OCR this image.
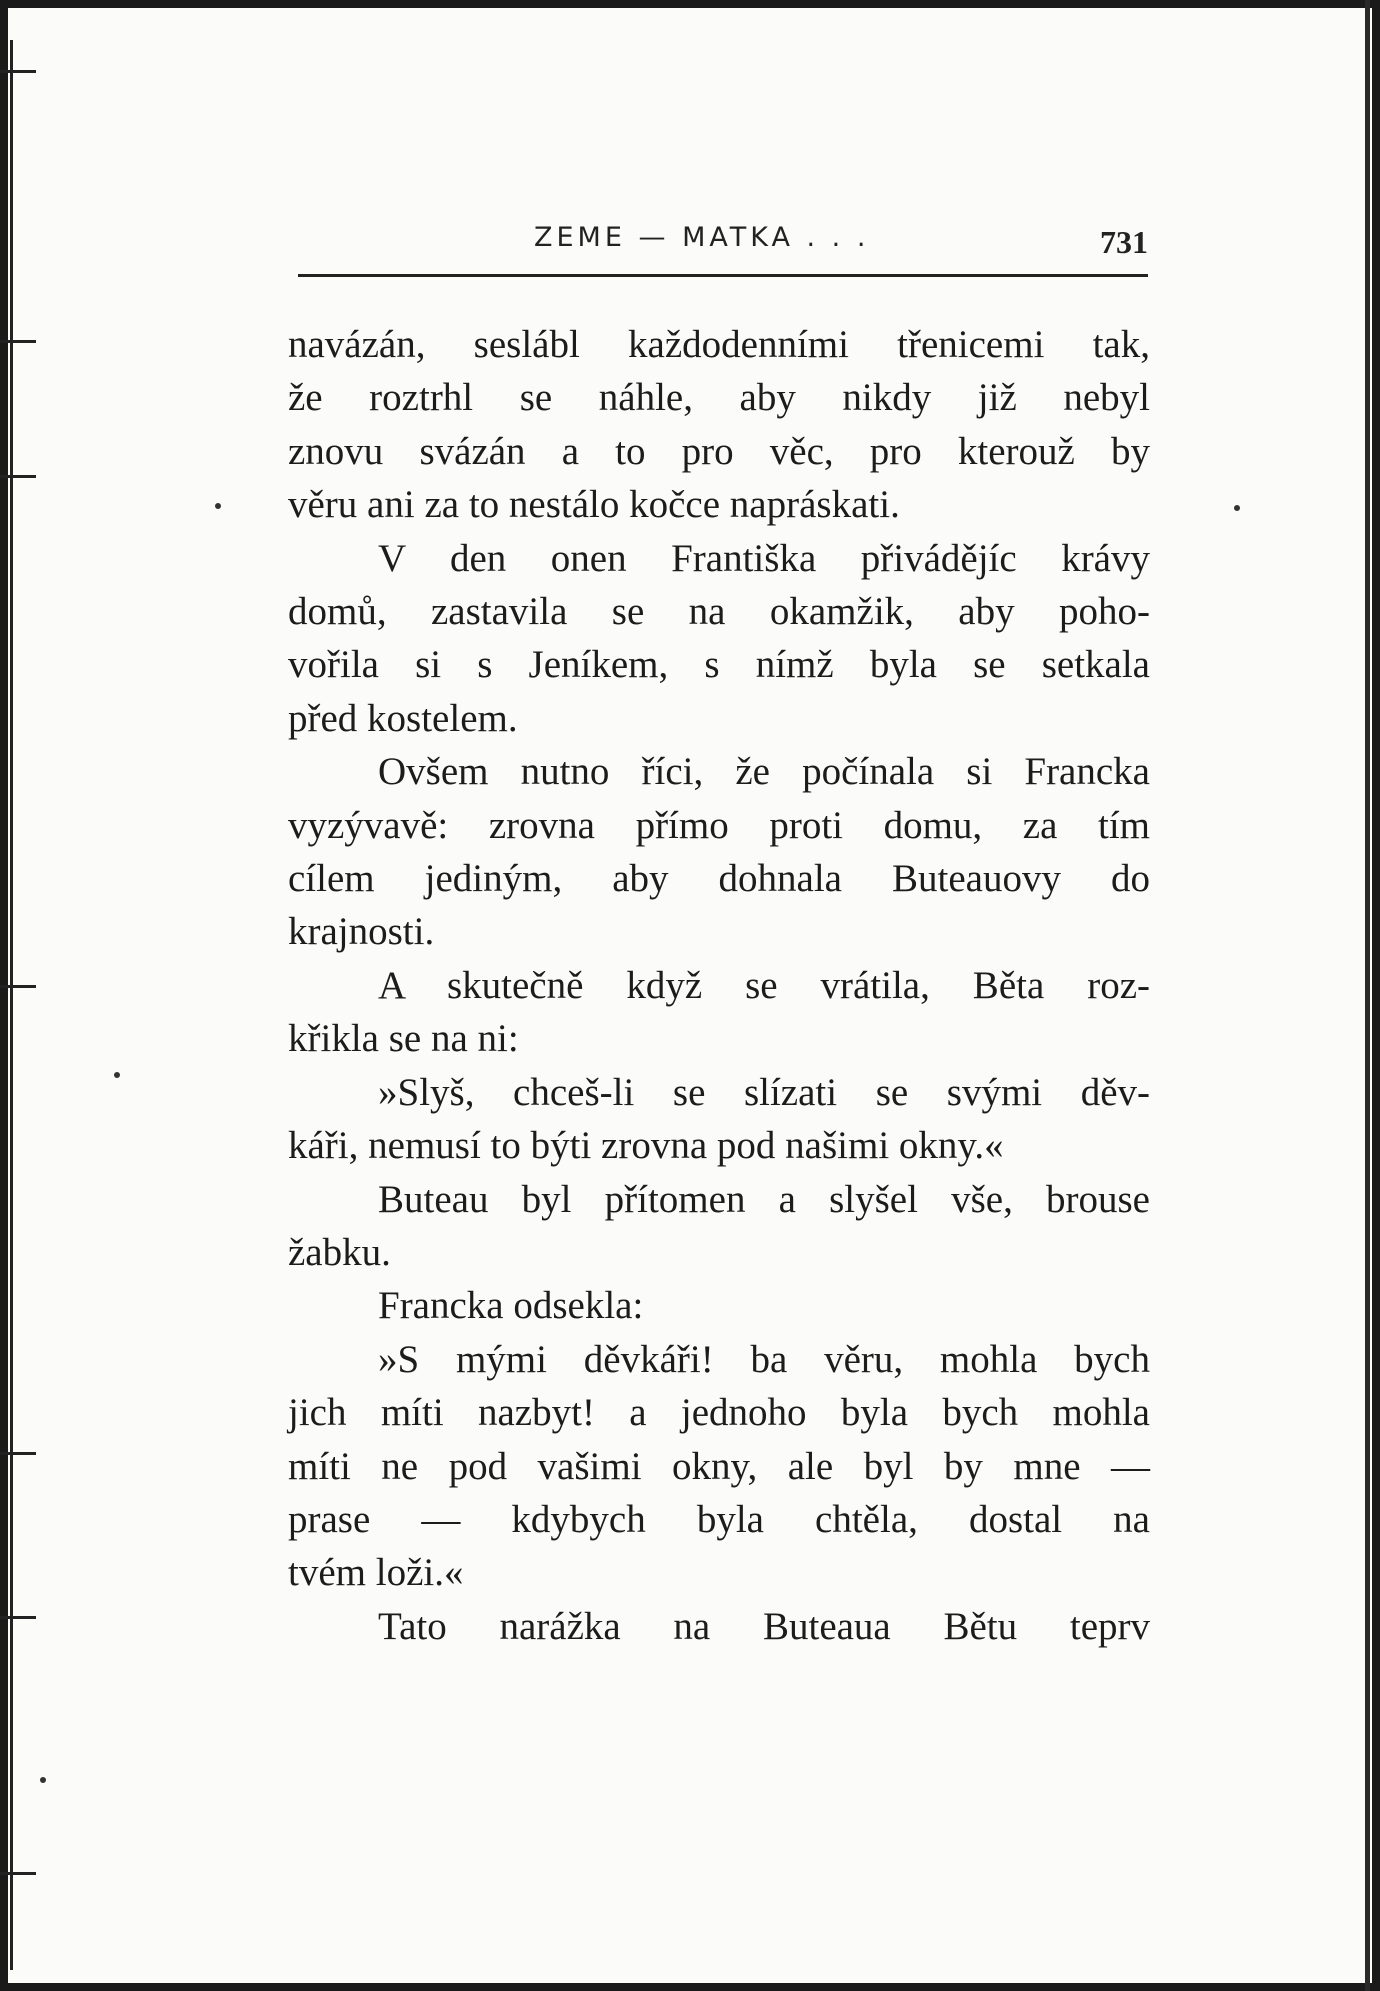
ZEME — MATKA . . .	731
navázán, seslábl každodenními třenicemi tak,
že roztrhl se náhle, aby nikdy již nebyl
znovu svázán a to pro věc, pro kterouž by
věru ani za to nestálo kočce napráskati.
V den onen Františka přivádějíc krávy
domů, zastavila se na okamžik, aby poho-
vořila si s Jeníkem, s nímž byla se setkala
před kostelem.
Ovšem nutno říci, že počínala si Francka
vyzývavě: zrovna přímo proti domu, za tím
cílem jediným, aby dohnala Buteauovy do
krajnosti.
A skutečně když se vrátila, Běta roz-
křikla se na ni:
»Slyš, chceš-li se slízati se svými děv-
káři, nemusí to býti zrovna pod našimi okny.«
Buteau byl přítomen a slyšel vše, brouse
žabku.
Francka odsekla:
»S mými děvkáři! ba věru, mohla bych
jich míti nazbyt! a jednoho byla bych mohla
míti ne pod vašimi okny, ale byl by mne —
prase — kdybych byla chtěla, dostal na
tvém loži.«
Tato narážka na Buteaua Bětu teprv
